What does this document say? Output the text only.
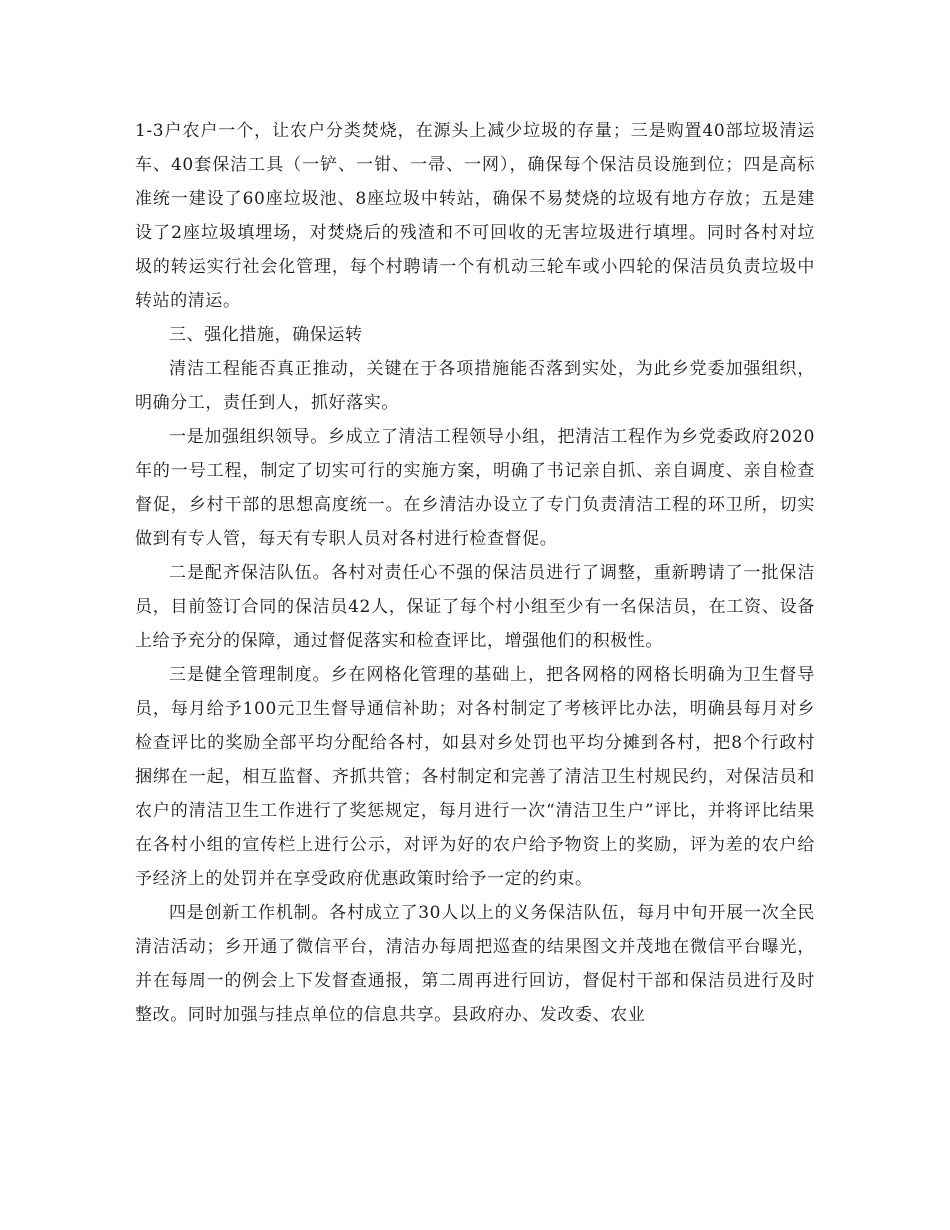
1-3户农户一个，让农户分类焚烧，在源头上减少垃圾的存量；三是购置40部垃圾清运车、40套保洁工具（一铲、一钳、一帚、一网），确保每个保洁员设施到位；四是高标准统一建设了60座垃圾池、8座垃圾中转站，确保不易焚烧的垃圾有地方存放；五是建设了2座垃圾填埋场，对焚烧后的残渣和不可回收的无害垃圾进行填埋。同时各村对垃圾的转运实行社会化管理，每个村聘请一个有机动三轮车或小四轮的保洁员负责垃圾中转站的清运。

三、强化措施，确保运转

清洁工程能否真正推动，关键在于各项措施能否落到实处，为此乡党委加强组织，明确分工，责任到人，抓好落实。

一是加强组织领导。乡成立了清洁工程领导小组，把清洁工程作为乡党委政府2020年的一号工程，制定了切实可行的实施方案，明确了书记亲自抓、亲自调度、亲自检查督促，乡村干部的思想高度统一。在乡清洁办设立了专门负责清洁工程的环卫所，切实做到有专人管，每天有专职人员对各村进行检查督促。

二是配齐保洁队伍。各村对责任心不强的保洁员进行了调整，重新聘请了一批保洁员，目前签订合同的保洁员42人，保证了每个村小组至少有一名保洁员，在工资、设备上给予充分的保障，通过督促落实和检查评比，增强他们的积极性。

三是健全管理制度。乡在网格化管理的基础上，把各网格的网格长明确为卫生督导员，每月给予100元卫生督导通信补助；对各村制定了考核评比办法，明确县每月对乡检查评比的奖励全部平均分配给各村，如县对乡处罚也平均分摊到各村，把8个行政村捆绑在一起，相互监督、齐抓共管；各村制定和完善了清洁卫生村规民约，对保洁员和农户的清洁卫生工作进行了奖惩规定，每月进行一次“清洁卫生户”评比，并将评比结果在各村小组的宣传栏上进行公示，对评为好的农户给予物资上的奖励，评为差的农户给予经济上的处罚并在享受政府优惠政策时给予一定的约束。

四是创新工作机制。各村成立了30人以上的义务保洁队伍，每月中旬开展一次全民清洁活动；乡开通了微信平台，清洁办每周把巡查的结果图文并茂地在微信平台曝光，并在每周一的例会上下发督查通报，第二周再进行回访，督促村干部和保洁员进行及时整改。同时加强与挂点单位的信息共享。县政府办、发改委、农业
